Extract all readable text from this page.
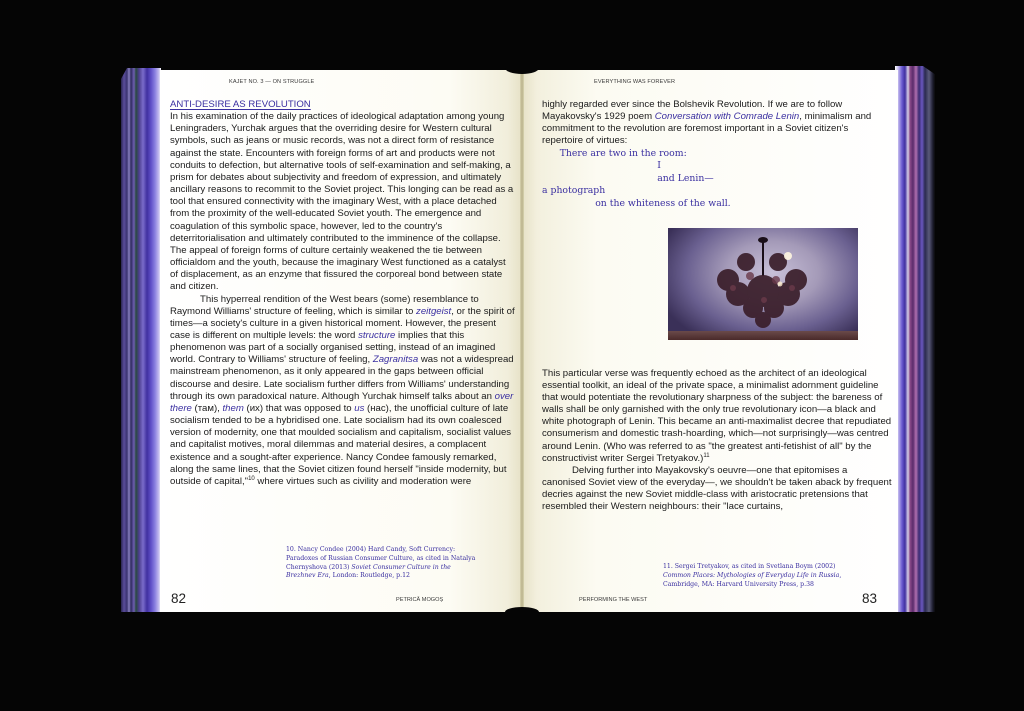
KAJET NO. 3 — ON STRUGGLE
ANTI-DESIRE AS REVOLUTION

In his examination of the daily practices of ideological adaptation among young Leningraders, Yurchak argues that the overriding desire for Western cultural symbols, such as jeans or music records, was not a direct form of resistance against the state. Encounters with foreign forms of art and products were not conduits to defection, but alternative tools of self-examination and self-making, a prism for debates about subjectivity and freedom of expression, and ultimately ancillary reasons to recommit to the Soviet project. This longing can be read as a tool that ensured connectivity with the imaginary West, with a place detached from the proximity of the well-educated Soviet youth. The emergence and coagulation of this symbolic space, however, led to the country's deterritorialisation and ultimately contributed to the imminence of the collapse. The appeal of foreign forms of culture certainly weakened the tie between officialdom and the youth, because the imaginary West functioned as a catalyst of displacement, as an enzyme that fissured the corporeal bond between state and citizen.

This hyperreal rendition of the West bears (some) resemblance to Raymond Williams' structure of feeling, which is similar to zeitgeist, or the spirit of times—a society's culture in a given historical moment. However, the present case is different on multiple levels: the word structure implies that this phenomenon was part of a socially organised setting, instead of an imagined world. Contrary to Williams' structure of feeling, Zagranitsa was not a widespread mainstream phenomenon, as it only appeared in the gaps between official discourse and desire. Late socialism further differs from Williams' understanding through its own paradoxical nature. Although Yurchak himself talks about an over there (там), them (их) that was opposed to us (нас), the unofficial culture of late socialism tended to be a hybridised one. Late socialism had its own coalesced version of modernity, one that moulded socialism and capitalism, socialist values and capitalist motives, moral dilemmas and material desires, a complacent existence and a sought-after experience. Nancy Condee famously remarked, along the same lines, that the Soviet citizen found herself "inside modernity, but outside of capital,"$^{10}$ where virtues such as civility and moderation were

10. Nancy Condee (2004) Hard Candy, Soft Currency: Paradoxes of Russian Consumer Culture, as cited in Natalya Chernyshova (2013) Soviet Consumer Culture in the Brezhnev Era, London: Routledge, p.12
82	PETRICĂ MOGOȘ
EVERYTHING WAS FOREVER

highly regarded ever since the Bolshevik Revolution. If we are to follow Mayakovsky's 1929 poem Conversation with Comrade Lenin, minimalism and commitment to the revolution are foremost important in a Soviet citizen's repertoire of virtues:

There are two in the room:
I
and Lenin—
a photograph
on the whiteness of the wall.

This particular verse was frequently echoed as the architect of an ideological essential toolkit, an ideal of the private space, a minimalist adornment guideline that would potentiate the revolutionary sharpness of the subject: the bareness of walls shall be only garnished with the only true revolutionary icon—a black and white photograph of Lenin. This became an anti-maximalist decree that repudiated consumerism and domestic trash-hoarding, which—not surprisingly—was centred around Lenin. (Who was referred to as "the greatest anti-fetishist of all" by the constructivist writer Sergei Tretyakov.)$^{11}$

Delving further into Mayakovsky's oeuvre—one that epitomises a canonised Soviet view of the everyday—, we shouldn't be taken aback by frequent decries against the new Soviet middle-class with aristocratic pretensions that resembled their Western neighbours: their "lace curtains,

11. Sergei Tretyakov, as cited in Svetlana Boym (2002) Common Places: Mythologies of Everyday Life in Russia, Cambridge, MA: Harvard University Press, p.38
PERFORMING THE WEST	83
